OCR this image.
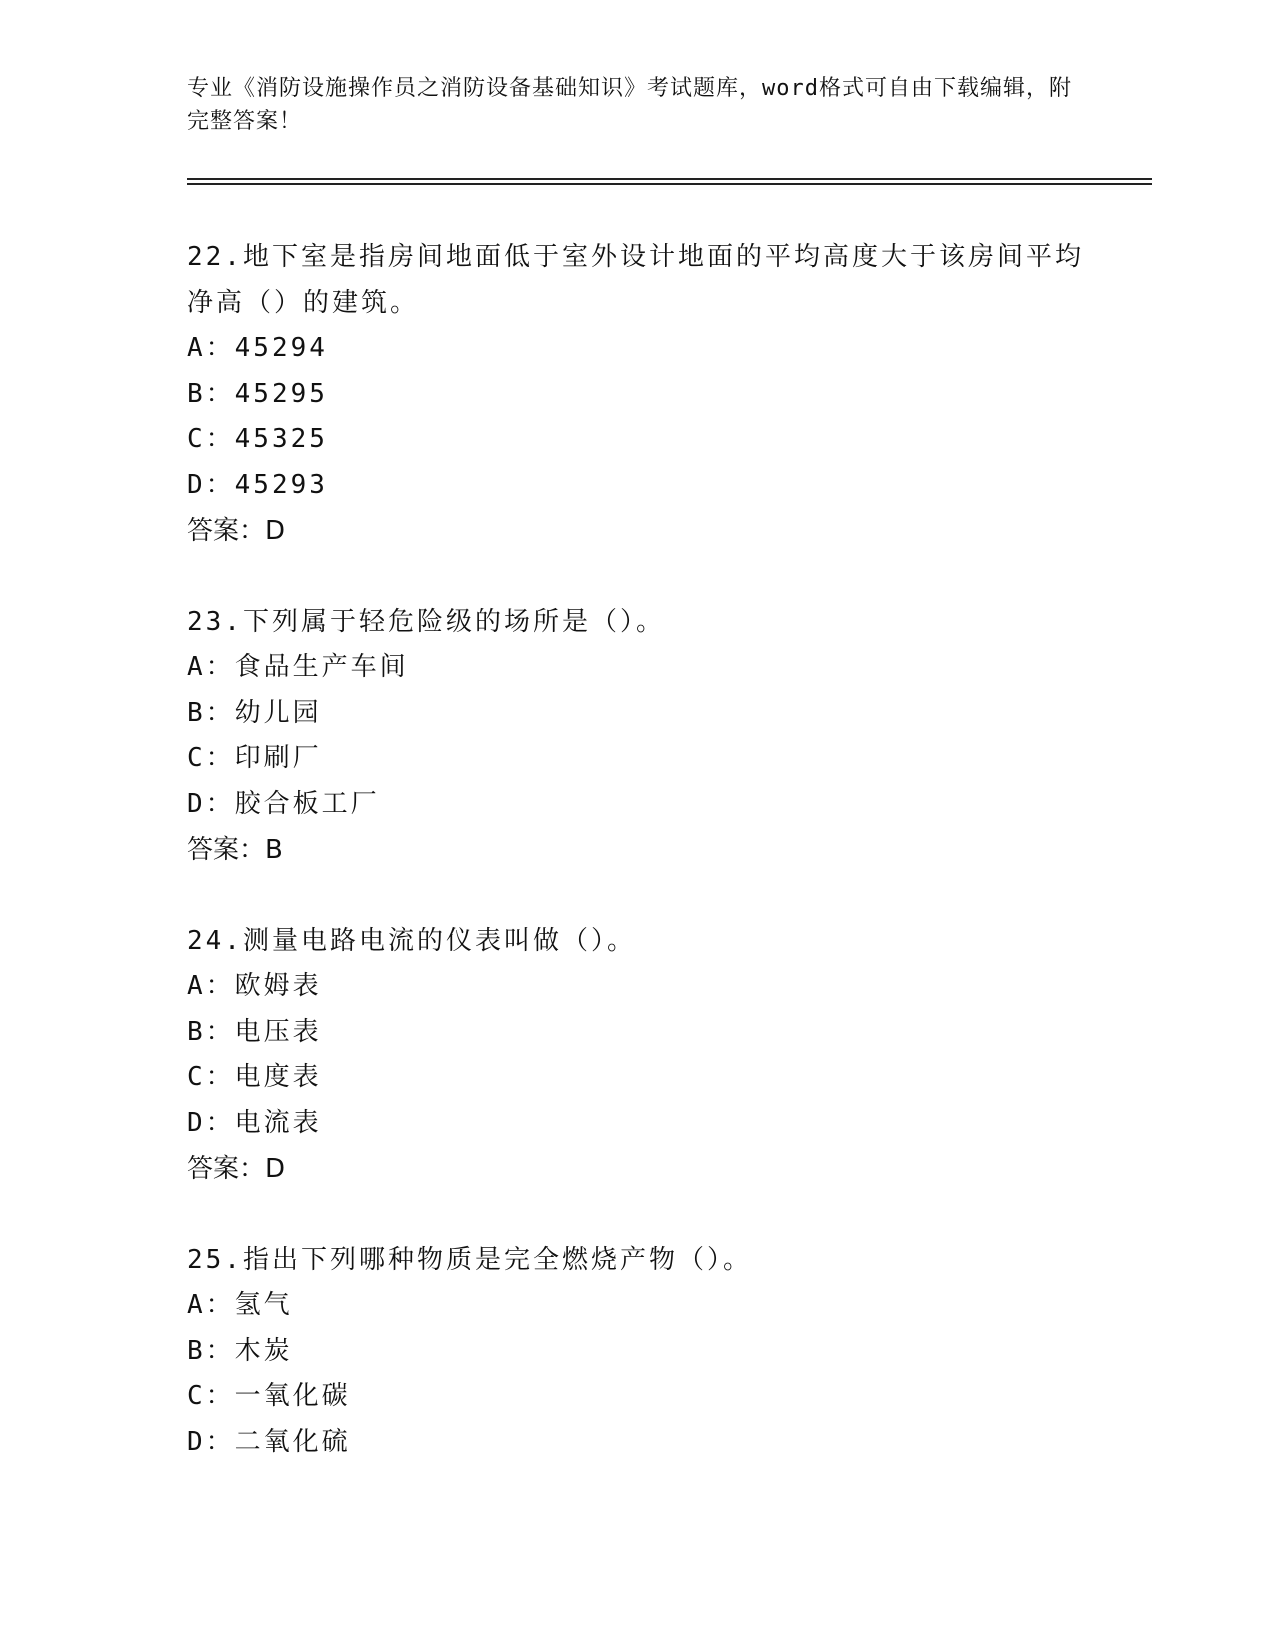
专业《消防设施操作员之消防设备基础知识》考试题库，word格式可自由下载编辑，附完整答案！

22.地下室是指房间地面低于室外设计地面的平均高度大于该房间平均净高（）的建筑。

A：45294

B：45295

C：45325

D：45293

答案：D

23.下列属于轻危险级的场所是（）。

A：食品生产车间

B：幼儿园

C：印刷厂

D：胶合板工厂

答案：B

24.测量电路电流的仪表叫做（）。

A：欧姆表

B：电压表

C：电度表

D：电流表

答案：D

25.指出下列哪种物质是完全燃烧产物（）。

A：氢气

B：木炭

C：一氧化碳

D：二氧化硫
